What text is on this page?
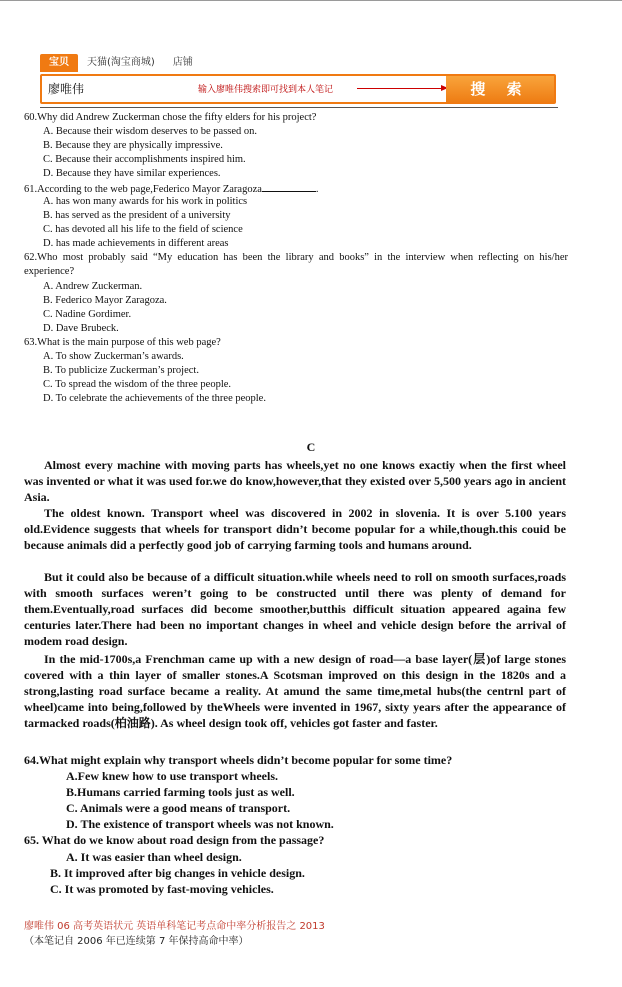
宝贝	天猫(淘宝商城)	店铺
廖唯伟	输入廖唯伟搜索即可找到本人笔记	搜 索
60.Why did Andrew Zuckerman chose the fifty elders for his project?
A. Because their wisdom deserves to be passed on.
B. Because they are physically impressive.
C. Because their accomplishments inspired him.
D. Because they have similar experiences.
61.According to the web page,Federico Mayor Zaragoza	.
A. has won many awards for his work in politics
B. has served as the president of a university
C. has devoted all his life to the field of science
D. has made achievements in different areas
62.Who most probably said “My education has been the library and books” in the interview when reflecting on his/her experience?
A. Andrew Zuckerman.
B. Federico Mayor Zaragoza.
C. Nadine Gordimer.
D. Dave Brubeck.
63.What is the main purpose of this web page?
A. To show Zuckerman’s awards.
B. To publicize Zuckerman’s project.
C. To spread the wisdom of the three people.
D. To celebrate the achievements of the three people.
C
Almost every machine with moving parts has wheels,yet no one knows exactiy when the first wheel was invented or what it was used for.we do know,however,that they existed over 5,500 years ago in ancient Asia.
The oldest known. Transport wheel was discovered in 2002 in slovenia. It is over 5.100 years old.Evidence suggests that wheels for transport didn’t become popular for a while,though.this couid be because animals did a perfectly good job of carrying farming tools and humans around.
But it could also be because of a difficult situation.while wheels need to roll on smooth surfaces,roads with smooth surfaces weren’t going to be constructed until there was plenty of demand for them.Eventually,road surfaces did become smoother,butthis difficult situation appeared againa few centuries later.There had been no important changes in wheel and vehicle design before the arrival of modem road design.
In the mid-1700s,a Frenchman came up with a new design of road—a base layer(层)of large stones covered with a thin layer of smaller stones.A Scotsman improved on this design in the 1820s and a strong,lasting road surface became a reality. At amund the same time,metal hubs(the centrnl part of wheel)came into being,followed by theWheels were invented in 1967, sixty years after the appearance of tarmacked roads(柏油路). As wheel design took off, vehicles got faster and faster.
64.What might explain why transport wheels didn’t become popular for some time?
A.Few knew how to use transport wheels.
B.Humans carried farming tools just as well.
C. Animals were a good means of transport.
D. The existence of transport wheels was not known.
65. What do we know about road design from the passage?
A. It was easier than wheel design.
B. It improved after big changes in vehicle design.
C. It was promoted by fast-moving vehicles.
廖唯伟 06 高考英语状元 英语单科笔记考点命中率分析报告之 2013
（本笔记自 2006 年已连续第 7 年保持高命中率）
